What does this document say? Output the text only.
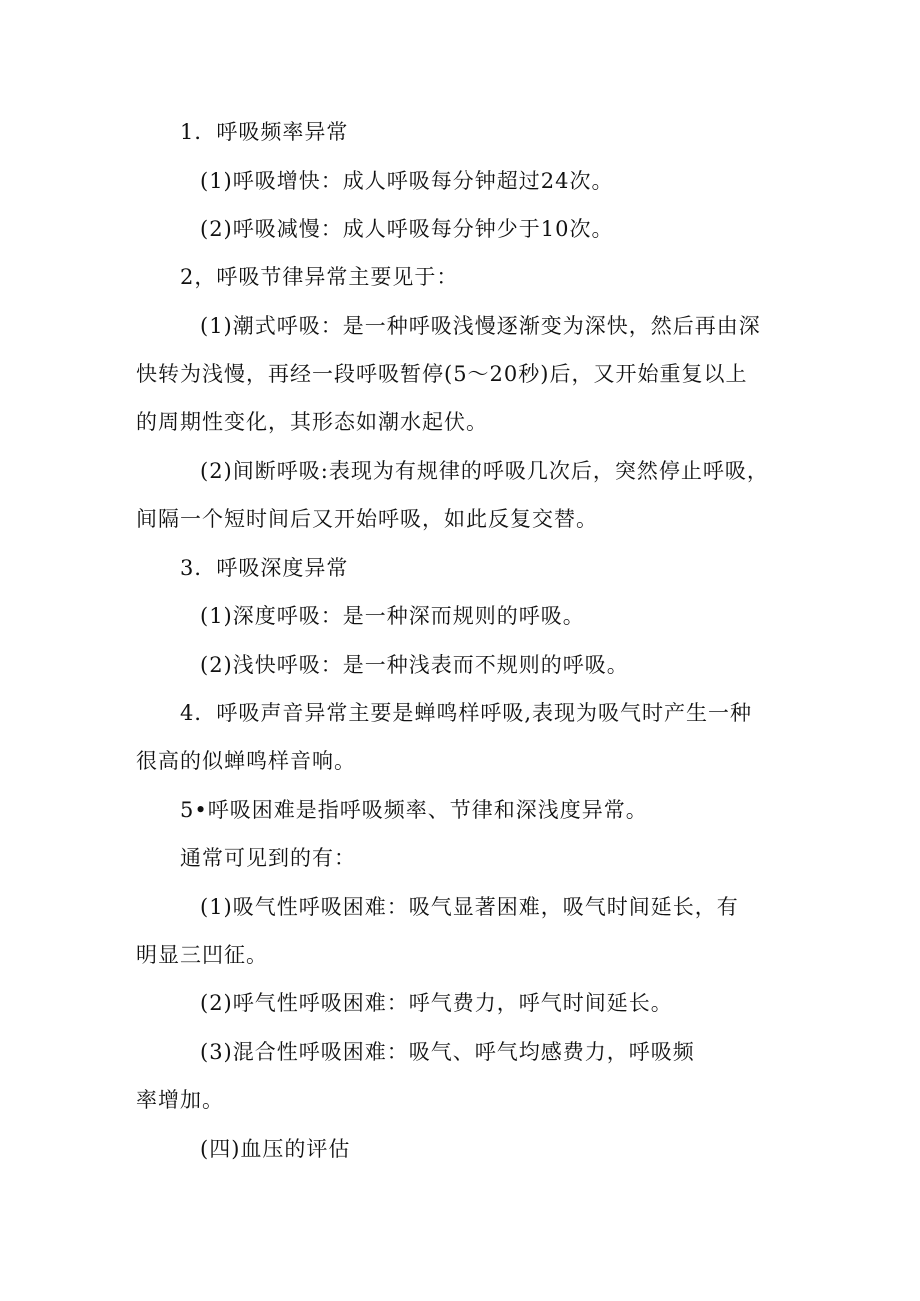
1．呼吸频率异常
(1)呼吸增快：成人呼吸每分钟超过24次。
(2)呼吸减慢：成人呼吸每分钟少于10次。
2，呼吸节律异常主要见于：
(1)潮式呼吸：是一种呼吸浅慢逐渐变为深快，然后再由深
快转为浅慢，再经一段呼吸暂停(5～20秒)后，又开始重复以上
的周期性变化，其形态如潮水起伏。
(2)间断呼吸:表现为有规律的呼吸几次后，突然停止呼吸，
间隔一个短时间后又开始呼吸，如此反复交替。
3．呼吸深度异常
(1)深度呼吸：是一种深而规则的呼吸。
(2)浅快呼吸：是一种浅表而不规则的呼吸。
4．呼吸声音异常主要是蝉鸣样呼吸,表现为吸气时产生一种
很高的似蝉鸣样音响。
5•呼吸困难是指呼吸频率、节律和深浅度异常。
通常可见到的有：
(1)吸气性呼吸困难：吸气显著困难，吸气时间延长，有
明显三凹征。
(2)呼气性呼吸困难：呼气费力，呼气时间延长。
(3)混合性呼吸困难：吸气、呼气均感费力，呼吸频
率增加。
(四)血压的评估
